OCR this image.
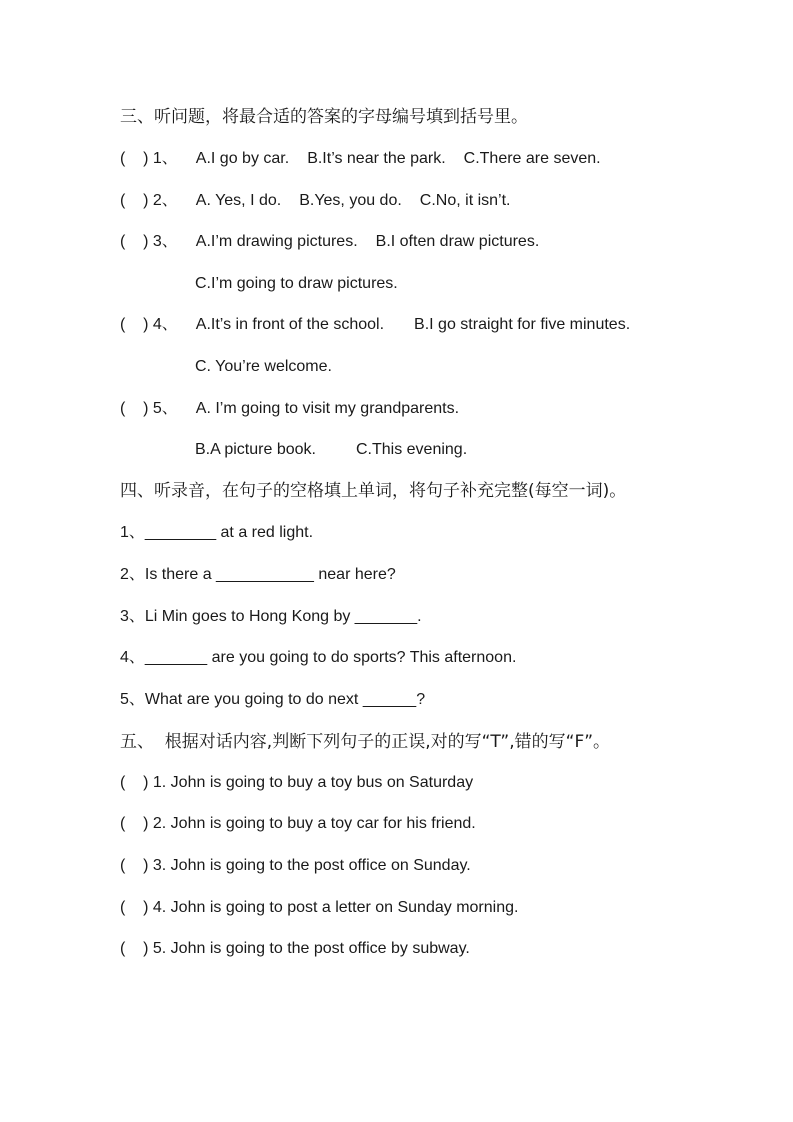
三、听问题，将最合适的答案的字母编号填到括号里。
(    ) 1、 A.I go by car. B.It’s near the park. C.There are seven.
(    ) 2、 A. Yes, I do. B.Yes, you do. C.No, it isn’t.
(    ) 3、 A.I’m drawing pictures. B.I often draw pictures.
C.I’m going to draw pictures.
(    ) 4、 A.It’s in front of the school. B.I go straight for five minutes.
C. You’re welcome.
(    ) 5、 A. I’m going to visit my grandparents.
B.A picture book.	C.This evening.
四、听录音，在句子的空格填上单词，将句子补充完整(每空一词)。
1、________ at a red light.
2、Is there a ___________ near here?
3、Li Min goes to Hong Kong by _______.
4、_______ are you going to do sports? This afternoon.
5、What are you going to do next ______?
五、  根据对话内容,判断下列句子的正误,对的写“T”,错的写“F”。
(    ) 1. John is going to buy a toy bus on Saturday
(    ) 2. John is going to buy a toy car for his friend.
(    ) 3. John is going to the post office on Sunday.
(    ) 4. John is going to post a letter on Sunday morning.
(    ) 5. John is going to the post office by subway.
